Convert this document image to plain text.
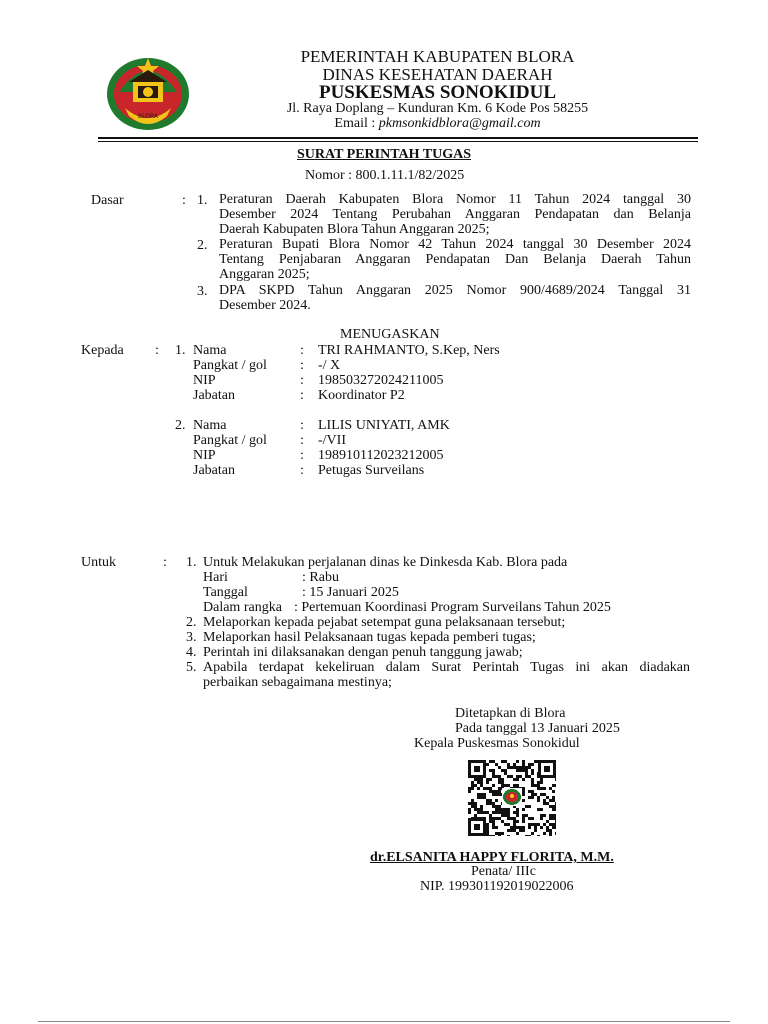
BLORA
PEMERINTAH KABUPATEN BLORA
DINAS KESEHATAN DAERAH
PUSKESMAS SONOKIDUL
Jl. Raya Doplang – Kunduran Km. 6 Kode Pos 58255
Email : pkmsonkidblora@gmail.com
SURAT PERINTAH TUGAS
Nomor : 800.1.11.1/82/2025
Dasar	: 1. Peraturan Daerah Kabupaten Blora Nomor 11 Tahun 2024 tanggal 30
Desember 2024 Tentang Perubahan Anggaran Pendapatan dan Belanja
Daerah Kabupaten Blora Tahun Anggaran 2025;
2. Peraturan Bupati Blora Nomor 42 Tahun 2024 tanggal 30 Desember 2024
Tentang Penjabaran Anggaran Pendapatan Dan Belanja Daerah Tahun
Anggaran 2025;
3. DPA SKPD Tahun Anggaran 2025 Nomor 900/4689/2024 Tanggal 31
Desember 2024.
MENUGASKAN
Kepada : 1. Nama	: TRI RAHMANTO, S.Kep, Ners
Pangkat / gol : -/ X
NIP	: 198503272024211005
Jabatan	: Koordinator P2
2. Nama	: LILIS UNIYATI, AMK
Pangkat / gol : -/VII
NIP	: 198910112023212005
Jabatan	: Petugas Surveilans
Untuk	: 1. Untuk Melakukan perjalanan dinas ke Dinkesda Kab. Blora pada
Hari	: Rabu
Tanggal	: 15 Januari 2025
Dalam rangka : Pertemuan Koordinasi Program Surveilans Tahun 2025
2. Melaporkan kepada pejabat setempat guna pelaksanaan tersebut;
3. Melaporkan hasil Pelaksanaan tugas kepada pemberi tugas;
4. Perintah ini dilaksanakan dengan penuh tanggung jawab;
5. Apabila terdapat kekeliruan dalam Surat Perintah Tugas ini akan diadakan
perbaikan sebagaimana mestinya;
Ditetapkan di Blora
Pada tanggal 13 Januari 2025
Kepala Puskesmas Sonokidul
dr.ELSANITA HAPPY FLORITA, M.M.
Penata/ IIIc
NIP. 199301192019022006
